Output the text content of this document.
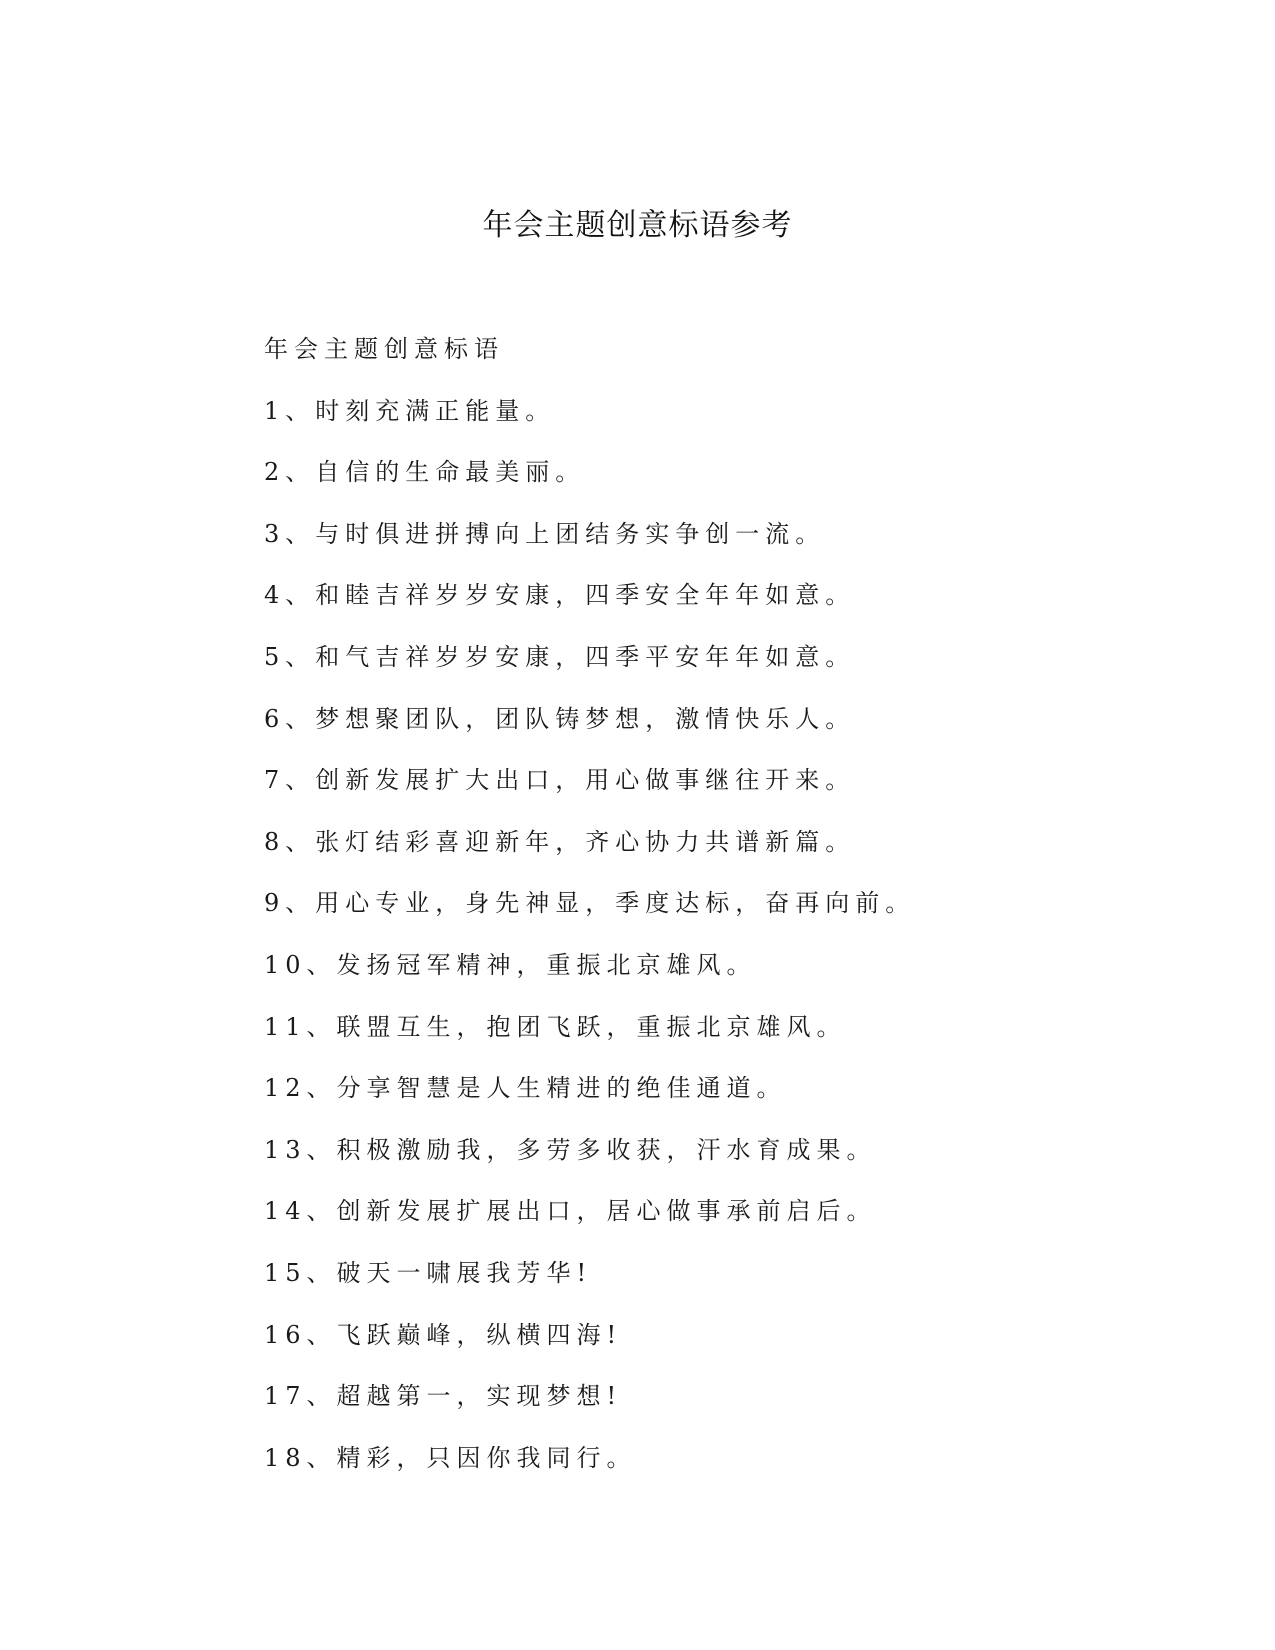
年会主题创意标语参考
年会主题创意标语
1、时刻充满正能量。
2、自信的生命最美丽。
3、与时俱进拼搏向上团结务实争创一流。
4、和睦吉祥岁岁安康，四季安全年年如意。
5、和气吉祥岁岁安康，四季平安年年如意。
6、梦想聚团队，团队铸梦想，激情快乐人。
7、创新发展扩大出口，用心做事继往开来。
8、张灯结彩喜迎新年，齐心协力共谱新篇。
9、用心专业，身先神显，季度达标，奋再向前。
10、发扬冠军精神，重振北京雄风。
11、联盟互生，抱团飞跃，重振北京雄风。
12、分享智慧是人生精进的绝佳通道。
13、积极激励我，多劳多收获，汗水育成果。
14、创新发展扩展出口，居心做事承前启后。
15、破天一啸展我芳华!
16、飞跃巅峰，纵横四海!
17、超越第一，实现梦想!
18、精彩，只因你我同行。
